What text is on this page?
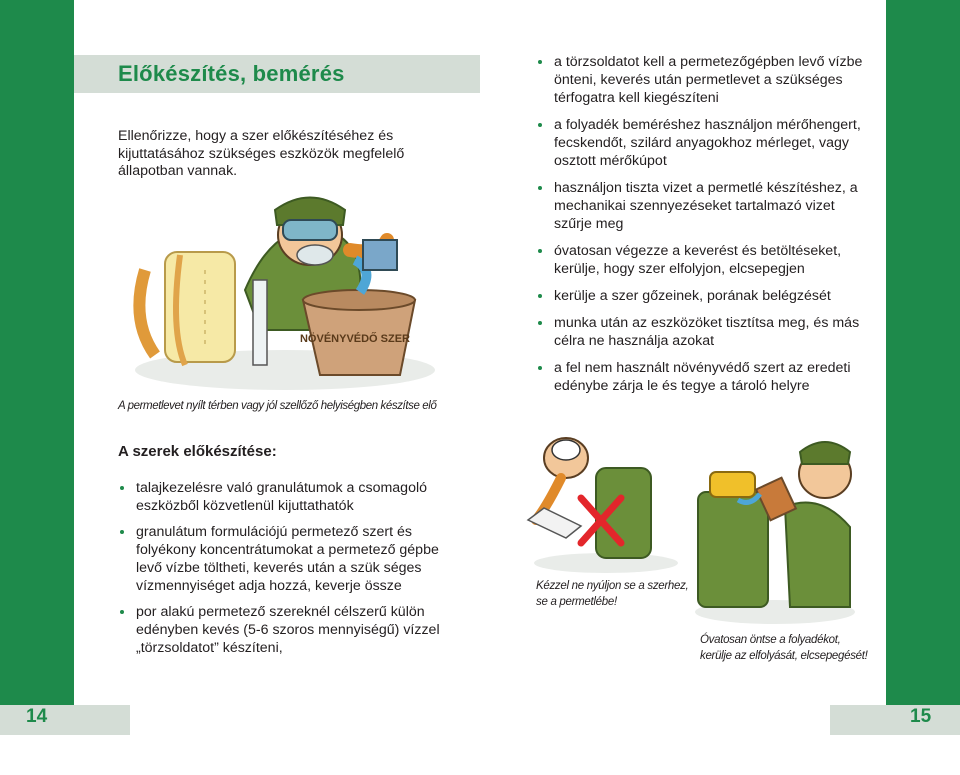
14	15
Előkészítés, bemérés

Ellenőrizze, hogy a szer előkészítéséhez és kijuttatásához szükséges eszközök megfelelő állapotban vannak.

NÖVÉNYVÉDŐ SZER

A permetlevet nyílt térben vagy jól szellőző helyiségben készítse elő

A szerek előkészítése:
talajkezelésre való granulátumok a csomagoló eszközből közvetlenül kijuttathatók
granulátum formulációjú permetező szert és folyékony koncentrátumokat a permetező gépbe levő vízbe töltheti, keverés után a szük séges vízmennyiséget adja hozzá, keverje össze
por alakú permetező szereknél célszerű külön edényben kevés (5-6 szoros mennyiségű) vízzel „törzsoldatot” készíteni,
a törzsoldatot kell a permetezőgépben levő vízbe önteni, keverés után permetlevet a szükséges térfogatra kell kiegészíteni
a folyadék beméréshez használjon mérőhengert, fecskendőt, szilárd anyagokhoz mérleget, vagy osztott mérőkúpot
használjon tiszta vizet a permetlé készítéshez, a mechanikai szennyezéseket tartalmazó vizet szűrje meg
óvatosan végezze a keverést és betöltéseket, kerülje, hogy szer elfolyjon, elcsepegjen
kerülje a szer gőzeinek, porának belégzését
munka után az eszközöket tisztítsa meg, és más célra ne használja azokat
a fel nem használt növényvédő szert az eredeti edénybe zárja le és tegye a tároló helyre

Kézzel ne nyúljon se a szerhez, se a permetlébe!

Óvatosan öntse a folyadékot, kerülje az elfolyását, elcsepegését!
